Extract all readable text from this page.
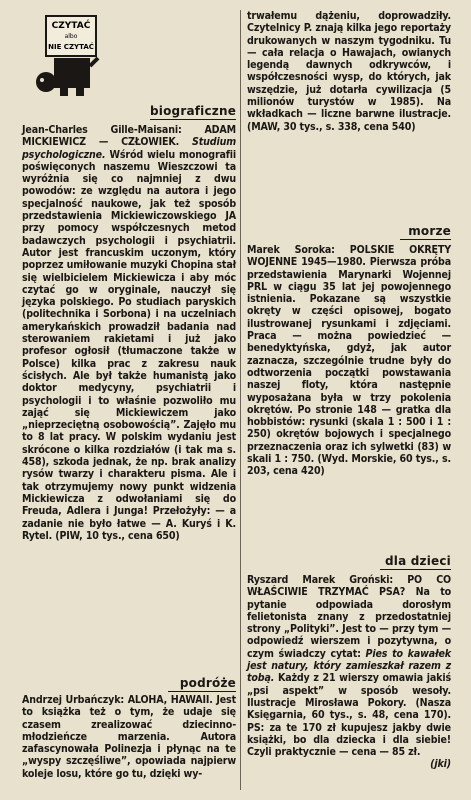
CZYTAĆ
albo
NIE CZYTAĆ
biograficzne
Jean-Charles Gille-Maisani: ADAM MICKIEWICZ — CZŁOWIEK. Studium psychologiczne. Wśród wielu monografii poświęconych naszemu Wieszczowi ta wyróżnia się co najmniej z dwu powodów: ze względu na autora i jego specjalność naukowe, jak też sposób przedstawienia Mickiewiczowskiego JA przy pomocy współczesnych metod badawczych psychologii i psychiatrii. Autor jest francuskim uczonym, który poprzez umiłowanie muzyki Chopina stał się wielbicielem Mickiewicza i aby móc czytać go w oryginale, nauczył się języka polskiego. Po studiach paryskich (politechnika i Sorbona) i na uczelniach amerykańskich prowadził badania nad sterowaniem rakietami i już jako profesor ogłosił (tłumaczone także w Polsce) kilka prac z zakresu nauk ścisłych. Ale był także humanistą jako doktor medycyny, psychiatrii i psychologii i to właśnie pozwoliło mu zająć się Mickiewiczem jako „nieprzeciętną osobowością”. Zajęło mu to 8 lat pracy. W polskim wydaniu jest skrócone o kilka rozdziałów (i tak ma s. 458), szkoda jednak, że np. brak analizy rysów twarzy i charakteru pisma. Ale i tak otrzymujemy nowy punkt widzenia Mickiewicza z odwołaniami się do Freuda, Adlera i Junga! Przełożyły: — a zadanie nie było łatwe — A. Kuryś i K. Rytel. (PIW, 10 tys., cena 650)
podróże
Andrzej Urbańczyk: ALOHA, HAWAII. Jest to książka też o tym, że udaje się czasem zrealizować dziecinno-młodzieńcze marzenia. Autora zafascynowała Polinezja i płynąc na te „wyspy szczęśliwe”, opowiada najpierw koleje losu, które go tu, dzięki wy-
trwałemu dążeniu, doprowadziły. Czytelnicy P. znają kilka jego reportaży drukowanych w naszym tygodniku. Tu — cała relacja o Hawajach, owianych legendą dawnych odkrywców, i współczesności wysp, do których, jak wszędzie, już dotarła cywilizacja (5 milionów turystów w 1985). Na wkładkach — liczne barwne ilustracje. (MAW, 30 tys., s. 338, cena 540)
morze
Marek Soroka: POLSKIE OKRĘTY WOJENNE 1945—1980. Pierwsza próba przedstawienia Marynarki Wojennej PRL w ciągu 35 lat jej powojennego istnienia. Pokazane są wszystkie okręty w części opisowej, bogato ilustrowanej rysunkami i zdjęciami. Praca — można powiedzieć — benedyktyńska, gdyż, jak autor zaznacza, szczególnie trudne były do odtworzenia początki powstawania naszej floty, która następnie wyposażana była w trzy pokolenia okrętów. Po stronie 148 — gratka dla hobbistów: rysunki (skala 1 : 500 i 1 : 250) okrętów bojowych i specjalnego przeznaczenia oraz ich sylwetki (83) w skali 1 : 750. (Wyd. Morskie, 60 tys., s. 203, cena 420)
dla dzieci
Ryszard Marek Groński: PO CO WŁAŚCIWIE TRZYMAĆ PSA? Na to pytanie odpowiada dorosłym felietonista znany z przedostatniej strony „Polityki”. Jest to — przy tym — odpowiedź wierszem i pozytywna, o czym świadczy cytat: Pies to kawałek jest natury, który zamieszkał razem z tobą. Każdy z 21 wierszy omawia jakiś „psi aspekt” w sposób wesoły. Ilustracje Mirosława Pokory. (Nasza Księgarnia, 60 tys., s. 48, cena 170). PS: za te 170 zł kupujesz jakby dwie książki, bo dla dziecka i dla siebie! Czyli praktycznie — cena — 85 zł.
(jki)
